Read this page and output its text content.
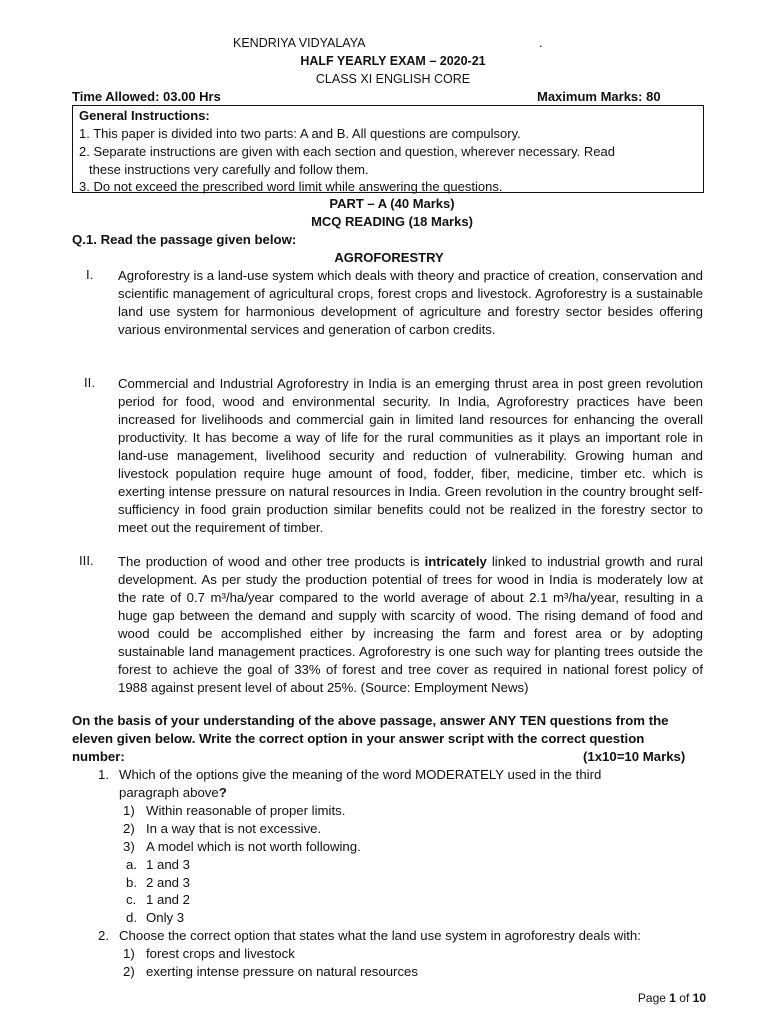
KENDRIYA VIDYALAYA	.
HALF YEARLY EXAM – 2020-21
CLASS XI ENGLISH CORE
Time Allowed: 03.00 Hrs	Maximum Marks: 80
General Instructions:
1. This paper is divided into two parts: A and B. All questions are compulsory.
2. Separate instructions are given with each section and question, wherever necessary. Read
these instructions very carefully and follow them.
3. Do not exceed the prescribed word limit while answering the questions.
PART – A (40 Marks)
MCQ READING (18 Marks)
Q.1. Read the passage given below:
AGROFORESTRY
I. Agroforestry is a land-use system which deals with theory and practice of creation, conservation and scientific management of agricultural crops, forest crops and livestock. Agroforestry is a sustainable land use system for harmonious development of agriculture and forestry sector besides offering various environmental services and generation of carbon credits.
II. Commercial and Industrial Agroforestry in India is an emerging thrust area in post green revolution period for food, wood and environmental security. In India, Agroforestry practices have been increased for livelihoods and commercial gain in limited land resources for enhancing the overall productivity. It has become a way of life for the rural communities as it plays an important role in land-use management, livelihood security and reduction of vulnerability. Growing human and livestock population require huge amount of food, fodder, fiber, medicine, timber etc. which is exerting intense pressure on natural resources in India. Green revolution in the country brought self-sufficiency in food grain production similar benefits could not be realized in the forestry sector to meet out the requirement of timber.
III. The production of wood and other tree products is intricately linked to industrial growth and rural development. As per study the production potential of trees for wood in India is moderately low at the rate of 0.7 m³/ha/year compared to the world average of about 2.1 m³/ha/year, resulting in a huge gap between the demand and supply with scarcity of wood. The rising demand of food and wood could be accomplished either by increasing the farm and forest area or by adopting sustainable land management practices. Agroforestry is one such way for planting trees outside the forest to achieve the goal of 33% of forest and tree cover as required in national forest policy of 1988 against present level of about 25%. (Source: Employment News)
On the basis of your understanding of the above passage, answer ANY TEN questions from the
eleven given below. Write the correct option in your answer script with the correct question
number:	(1x10=10 Marks)
1. Which of the options give the meaning of the word MODERATELY used in the third
paragraph above?
1) Within reasonable of proper limits.
2) In a way that is not excessive.
3) A model which is not worth following.
a. 1 and 3
b. 2 and 3
c. 1 and 2
d. Only 3
2. Choose the correct option that states what the land use system in agroforestry deals with:
1) forest crops and livestock
2) exerting intense pressure on natural resources
Page 1 of 10
